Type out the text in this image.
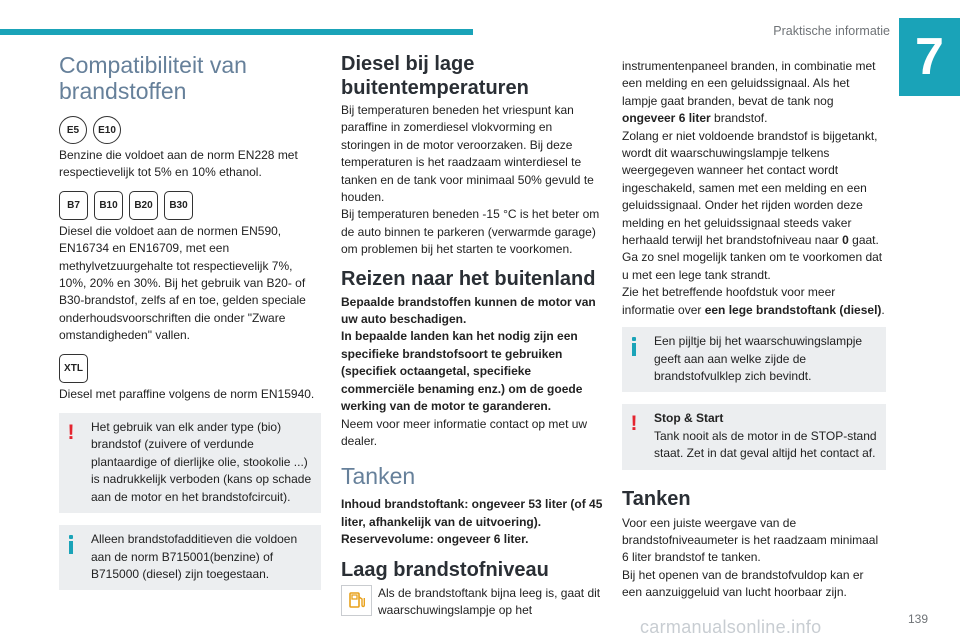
Praktische informatie 7
Compatibiliteit van brandstoffen
E5	E10

Benzine die voldoet aan de norm EN228 met respectievelijk tot 5% en 10% ethanol.

B7	B10	B20	B30

Diesel die voldoet aan de normen EN590, EN16734 en EN16709, met een methylvetzuurgehalte tot respectievelijk 7%, 10%, 20% en 30%. Bij het gebruik van B20- of B30-brandstof, zelfs af en toe, gelden speciale onderhoudsvoorschriften die onder "Zware omstandigheden" vallen.

XTL

Diesel met paraffine volgens de norm EN15940.

!	Het gebruik van elk ander type (bio) brandstof (zuivere of verdunde plantaardige of dierlijke olie, stookolie ...) is nadrukkelijk verboden (kans op schade aan de motor en het brandstofcircuit).

Alleen brandstofadditieven die voldoen aan de norm B715001(benzine) of B715000 (diesel) zijn toegestaan.

Diesel bij lage buitentemperaturen

Bij temperaturen beneden het vriespunt kan paraffine in zomerdiesel vlokvorming en storingen in de motor veroorzaken. Bij deze temperaturen is het raadzaam winterdiesel te tanken en de tank voor minimaal 50% gevuld te houden.

Bij temperaturen beneden -15 °C is het beter om de auto binnen te parkeren (verwarmde garage) om problemen bij het starten te voorkomen.

Reizen naar het buitenland

Bepaalde brandstoffen kunnen de motor van uw auto beschadigen.

In bepaalde landen kan het nodig zijn een specifieke brandstofsoort te gebruiken (specifiek octaangetal, specifieke commerciële benaming enz.) om de goede werking van de motor te garanderen.

Neem voor meer informatie contact op met uw dealer.

Tanken

Inhoud brandstoftank: ongeveer 53 liter (of 45 liter, afhankelijk van de uitvoering).

Reservevolume: ongeveer 6 liter.

Laag brandstofniveau

Als de brandstoftank bijna leeg is, gaat dit waarschuwingslampje op het

instrumentenpaneel branden, in combinatie met een melding en een geluidssignaal. Als het lampje gaat branden, bevat de tank nog ongeveer 6 liter brandstof.

Zolang er niet voldoende brandstof is bijgetankt, wordt dit waarschuwingslampje telkens weergegeven wanneer het contact wordt ingeschakeld, samen met een melding en een geluidssignaal. Onder het rijden worden deze melding en het geluidssignaal steeds vaker herhaald terwijl het brandstofniveau naar 0 gaat.

Ga zo snel mogelijk tanken om te voorkomen dat u met een lege tank strandt.

Zie het betreffende hoofdstuk voor meer informatie over een lege brandstoftank (diesel).

Een pijltje bij het waarschuwingslampje geeft aan aan welke zijde de brandstofvulklep zich bevindt.

!	Stop & Start

Tank nooit als de motor in de STOP-stand staat. Zet in dat geval altijd het contact af.

Tanken

Voor een juiste weergave van de brandstofniveaumeter is het raadzaam minimaal 6 liter brandstof te tanken.

Bij het openen van de brandstofvuldop kan er een aanzuiggeluid van lucht hoorbaar zijn.

carmanualsonline.info	139
